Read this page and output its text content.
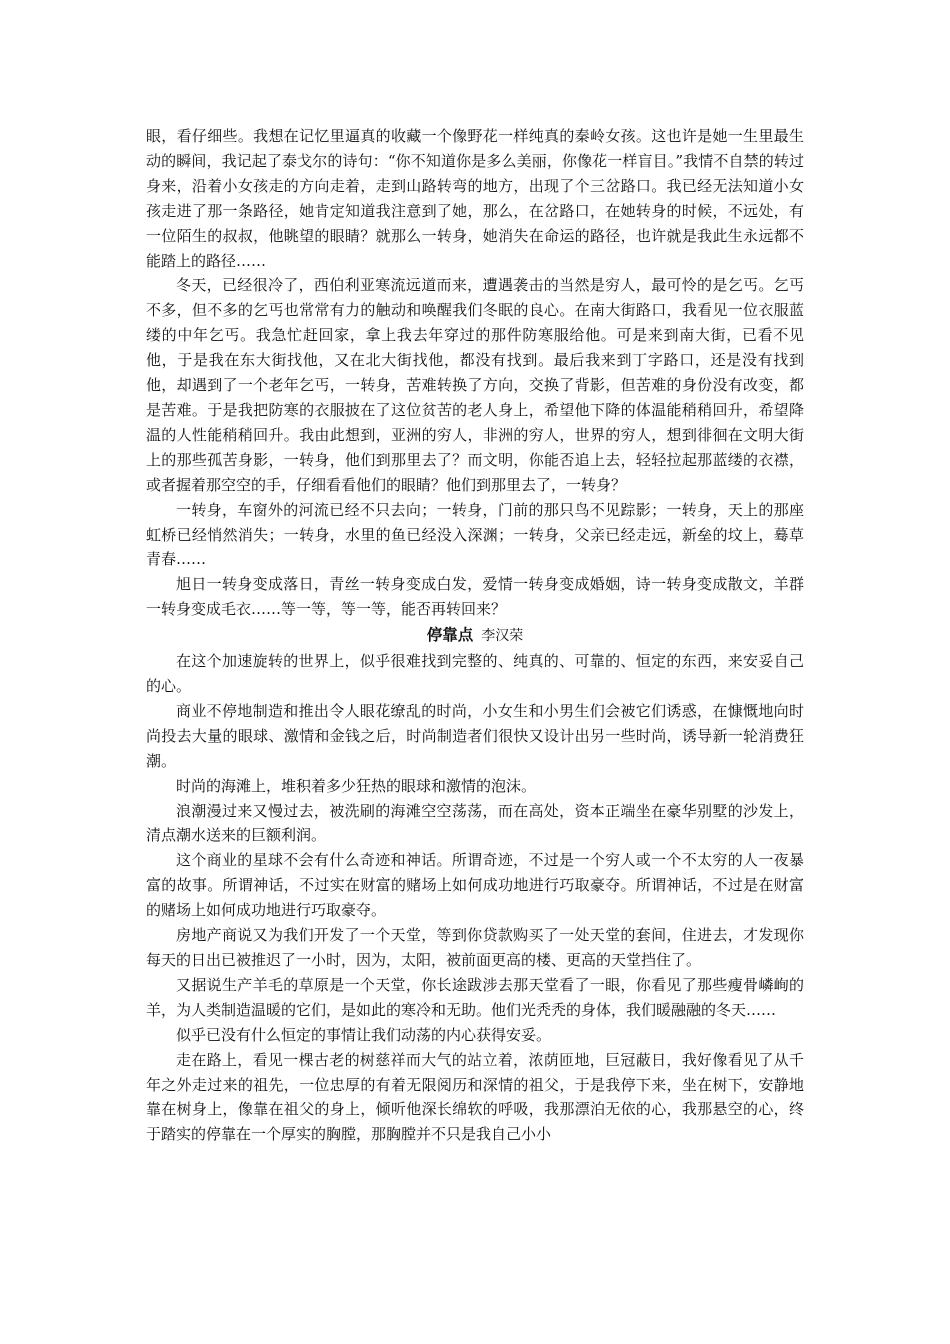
眼，看仔细些。我想在记忆里逼真的收藏一个像野花一样纯真的秦岭女孩。这也许是她一生里最生动的瞬间，我记起了泰戈尔的诗句：“你不知道你是多么美丽，你像花一样盲目。”我情不自禁的转过身来，沿着小女孩走的方向走着，走到山路转弯的地方，出现了个三岔路口。我已经无法知道小女孩走进了那一条路径，她肯定知道我注意到了她，那么，在岔路口，在她转身的时候，不远处，有一位陌生的叔叔，他眺望的眼睛？就那么一转身，她消失在命运的路径，也许就是我此生永远都不能踏上的路径……

冬天，已经很冷了，西伯利亚寒流远道而来，遭遇袭击的当然是穷人，最可怜的是乞丐。乞丐不多，但不多的乞丐也常常有力的触动和唤醒我们冬眠的良心。在南大街路口，我看见一位衣服蓝缕的中年乞丐。我急忙赶回家，拿上我去年穿过的那件防寒服给他。可是来到南大街，已看不见他，于是我在东大街找他，又在北大街找他，都没有找到。最后我来到丁字路口，还是没有找到他，却遇到了一个老年乞丐，一转身，苦难转换了方向，交换了背影，但苦难的身份没有改变，都是苦难。于是我把防寒的衣服披在了这位贫苦的老人身上，希望他下降的体温能稍稍回升，希望降温的人性能稍稍回升。我由此想到，亚洲的穷人，非洲的穷人，世界的穷人，想到徘徊在文明大街上的那些孤苦身影，一转身，他们到那里去了？而文明，你能否追上去，轻轻拉起那蓝缕的衣襟，或者握着那空空的手，仔细看看他们的眼睛？他们到那里去了，一转身？

一转身，车窗外的河流已经不只去向；一转身，门前的那只鸟不见踪影；一转身，天上的那座虹桥已经悄然消失；一转身，水里的鱼已经没入深渊；一转身，父亲已经走远，新垒的坟上，蓦草青春……

旭日一转身变成落日，青丝一转身变成白发，爱情一转身变成婚姻，诗一转身变成散文，羊群一转身变成毛衣……等一等，等一等，能否再转回来？

停靠点 李汉荣

在这个加速旋转的世界上，似乎很难找到完整的、纯真的、可靠的、恒定的东西，来安妥自己的心。

商业不停地制造和推出令人眼花缭乱的时尚，小女生和小男生们会被它们诱惑，在慷慨地向时尚投去大量的眼球、激情和金钱之后，时尚制造者们很快又设计出另一些时尚，诱导新一轮消费狂潮。

时尚的海滩上，堆积着多少狂热的眼球和激情的泡沫。

浪潮漫过来又慢过去，被洗刷的海滩空空荡荡，而在高处，资本正端坐在豪华别墅的沙发上，清点潮水送来的巨额利润。

这个商业的星球不会有什么奇迹和神话。所谓奇迹，不过是一个穷人或一个不太穷的人一夜暴富的故事。所谓神话，不过实在财富的赌场上如何成功地进行巧取豪夺。所谓神话，不过是在财富的赌场上如何成功地进行巧取豪夺。

房地产商说又为我们开发了一个天堂，等到你贷款购买了一处天堂的套间，住进去，才发现你每天的日出已被推迟了一小时，因为，太阳，被前面更高的楼、更高的天堂挡住了。

又据说生产羊毛的草原是一个天堂，你长途跋涉去那天堂看了一眼，你看见了那些瘦骨嶙峋的羊，为人类制造温暖的它们，是如此的寒冷和无助。他们光秃秃的身体，我们暖融融的冬天……

似乎已没有什么恒定的事情让我们动荡的内心获得安妥。

走在路上，看见一棵古老的树慈祥而大气的站立着，浓荫匝地，巨冠蔽日，我好像看见了从千年之外走过来的祖先，一位忠厚的有着无限阅历和深情的祖父，于是我停下来，坐在树下，安静地靠在树身上，像靠在祖父的身上，倾听他深长绵软的呼吸，我那漂泊无依的心，我那悬空的心，终于踏实的停靠在一个厚实的胸膛，那胸膛并不只是我自己小小
